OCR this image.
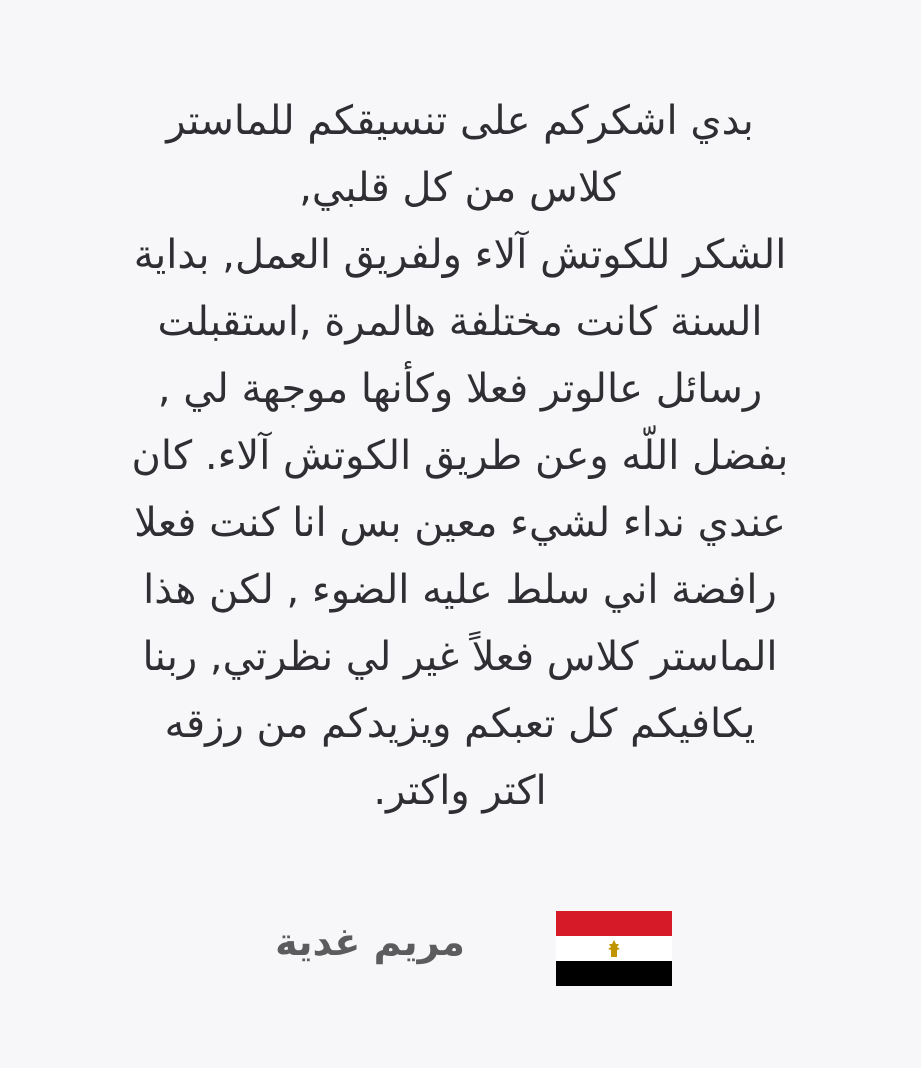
بدي اشكركم على تنسيقكم للماستر
كلاس من كل قلبي,
الشكر للكوتش آلاء ولفريق العمل, بداية
السنة كانت مختلفة هالمرة ,استقبلت
رسائل عالوتر فعلا وكأنها موجهة لي ,
بفضل اللّه وعن طريق الكوتش آلاء. كان
عندي نداء لشيء معين بس انا كنت فعلا
رافضة اني سلط عليه الضوء , لكن هذا
الماستر كلاس فعلاً غير لي نظرتي, ربنا
يكافيكم كل تعبكم ويزيدكم من رزقه
اكتر واكتر.
مريم غدية
